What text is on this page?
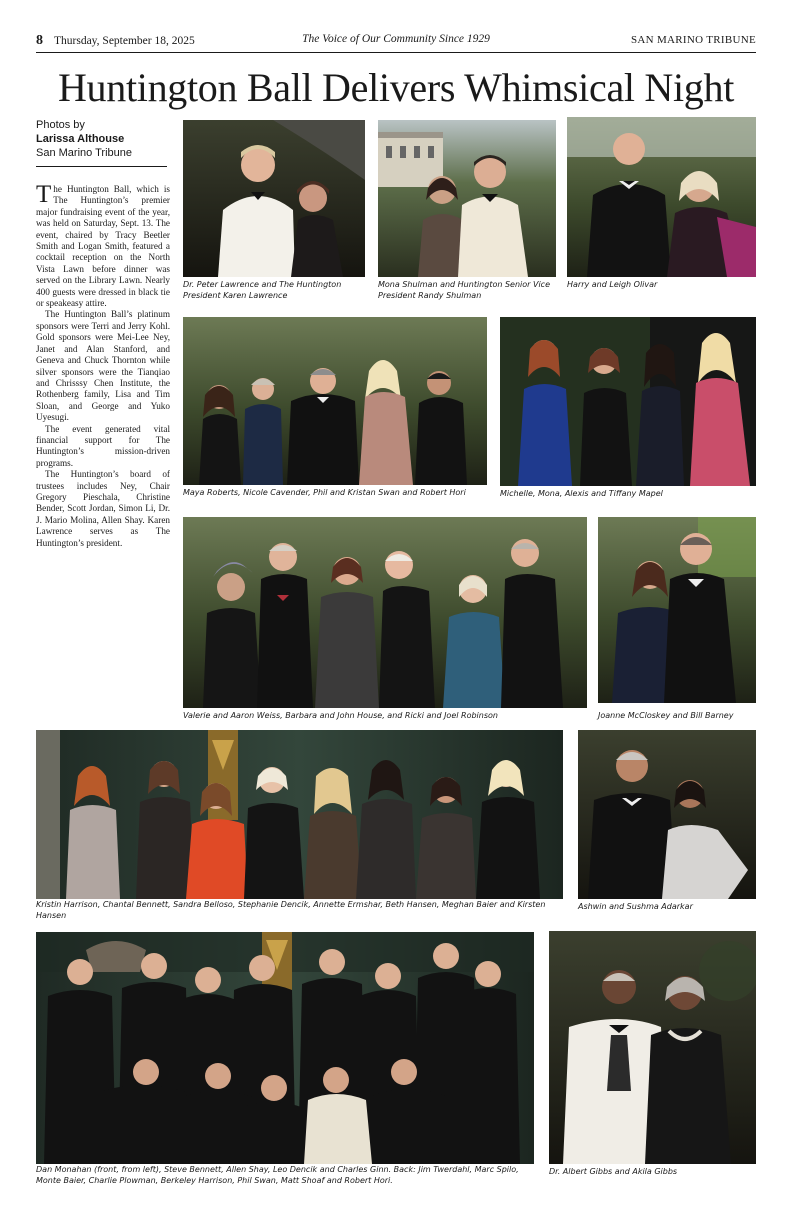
8 Thursday, September 18, 2025	The Voice of Our Community Since 1929	SAN MARINO TRIBUNE
Huntington Ball Delivers Whimsical Night
Photos by
Larissa Althouse
San Marino Tribune

The Huntington Ball, which is The Huntington’s premier major fundraising event of the year, was held on Saturday, Sept. 13. The event, chaired by Tracy Beetler Smith and Logan Smith, featured a cocktail reception on the North Vista Lawn before dinner was served on the Library Lawn. Nearly 400 guests were dressed in black tie or speakeasy attire.

The Huntington Ball’s platinum sponsors were Terri and Jerry Kohl. Gold sponsors were Mei-Lee Ney, Janet and Alan Stanford, and Geneva and Chuck Thornton while silver sponsors were the Tianqiao and Chrisssy Chen Institute, the Rothenberg family, Lisa and Tim Sloan, and George and Yuko Uyesugi.

The event generated vital financial support for The Huntington’s mission-driven programs.

The Huntington’s board of trustees includes Ney, Chair Gregory Pieschala, Christine Bender, Scott Jordan, Simon Li, Dr. J. Mario Molina, Allen Shay. Karen Lawrence serves as The Huntington’s president.

Dr. Peter Lawrence and The Huntington President Karen Lawrence
Mona Shulman and Huntington Senior Vice President Randy Shulman
Harry and Leigh Olivar
Maya Roberts, Nicole Cavender, Phil and Kristan Swan and Robert Hori	Michelle, Mona, Alexis and Tiffany Mapel
Valerie and Aaron Weiss, Barbara and John House, and Ricki and Joel Robinson	Joanne McCloskey and Bill Barney
Kristin Harrison, Chantal Bennett, Sandra Belloso, Stephanie Dencik, Annette Ermshar, Beth Hansen, Meghan Baier and Kirsten Hansen
Ashwin and Sushma Adarkar
Dan Monahan (front, from left), Steve Bennett, Allen Shay, Leo Dencik and Charles Ginn. Back: Jim Twerdahl, Marc Spilo, Monte Baier, Charlie Plowman, Berkeley Harrison, Phil Swan, Matt Shoaf and Robert Hori.
Dr. Albert Gibbs and Akila Gibbs
